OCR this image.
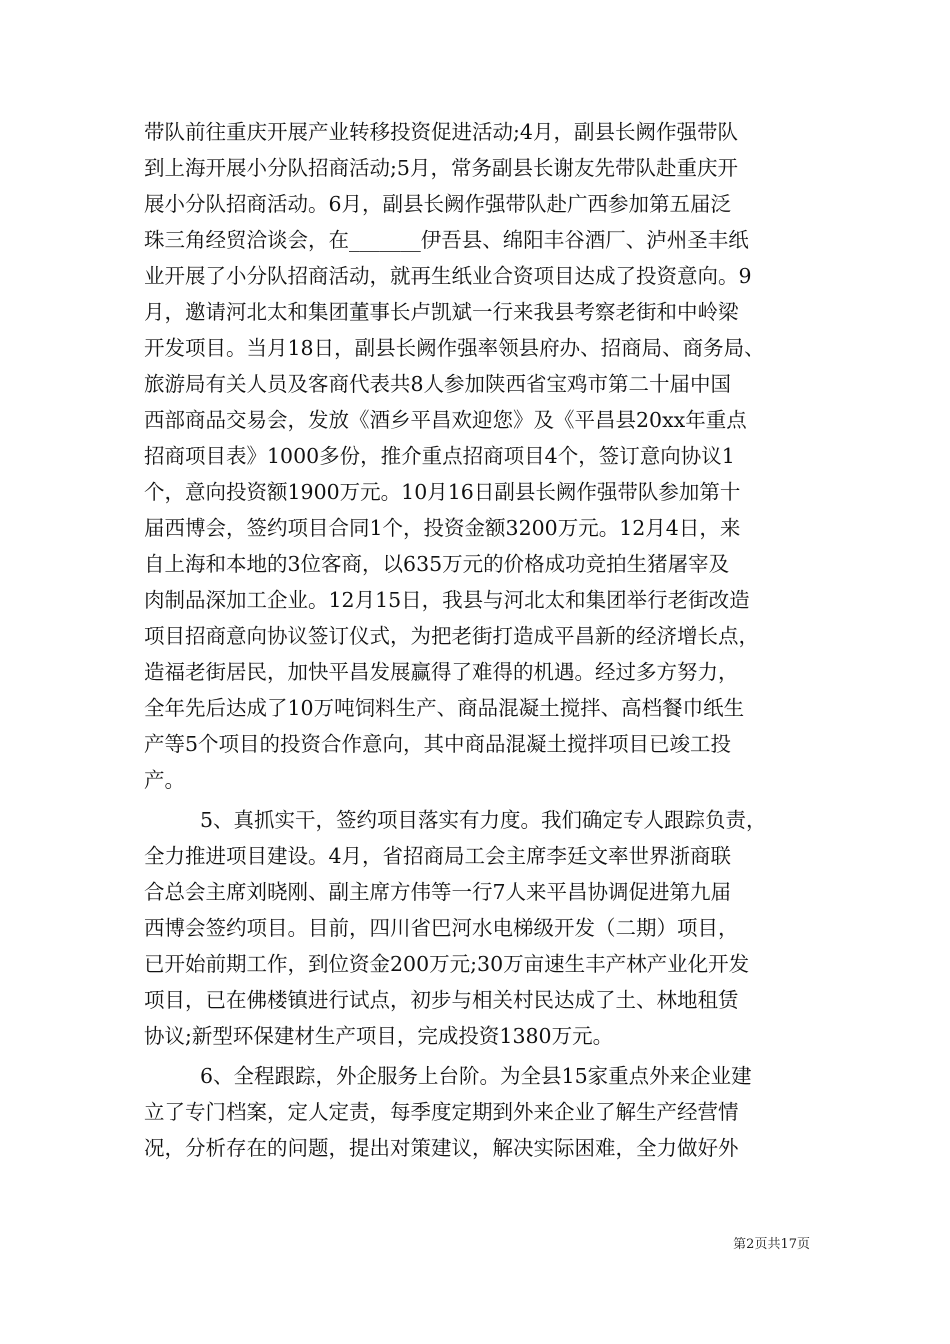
带队前往重庆开展产业转移投资促进活动;4月，副县长阙作强带队
到上海开展小分队招商活动;5月，常务副县长谢友先带队赴重庆开
展小分队招商活动。6月，副县长阙作强带队赴广西参加第五届泛
珠三角经贸洽谈会，在_______伊吾县、绵阳丰谷酒厂、泸州圣丰纸
业开展了小分队招商活动，就再生纸业合资项目达成了投资意向。9
月，邀请河北太和集团董事长卢凯斌一行来我县考察老街和中岭梁
开发项目。当月18日，副县长阙作强率领县府办、招商局、商务局、
旅游局有关人员及客商代表共8人参加陕西省宝鸡市第二十届中国
西部商品交易会，发放《酒乡平昌欢迎您》及《平昌县20xx年重点
招商项目表》1000多份，推介重点招商项目4个，签订意向协议1
个，意向投资额1900万元。10月16日副县长阙作强带队参加第十
届西博会，签约项目合同1个，投资金额3200万元。12月4日，来
自上海和本地的3位客商，以635万元的价格成功竞拍生猪屠宰及
肉制品深加工企业。12月15日，我县与河北太和集团举行老街改造
项目招商意向协议签订仪式，为把老街打造成平昌新的经济增长点，
造福老街居民，加快平昌发展赢得了难得的机遇。经过多方努力，
全年先后达成了10万吨饲料生产、商品混凝土搅拌、高档餐巾纸生
产等5个项目的投资合作意向，其中商品混凝土搅拌项目已竣工投
产。
5、真抓实干，签约项目落实有力度。我们确定专人跟踪负责，
全力推进项目建设。4月，省招商局工会主席李廷文率世界浙商联
合总会主席刘晓刚、副主席方伟等一行7人来平昌协调促进第九届
西博会签约项目。目前，四川省巴河水电梯级开发（二期）项目，
已开始前期工作，到位资金200万元;30万亩速生丰产林产业化开发
项目，已在佛楼镇进行试点，初步与相关村民达成了土、林地租赁
协议;新型环保建材生产项目，完成投资1380万元。
6、全程跟踪，外企服务上台阶。为全县15家重点外来企业建
立了专门档案，定人定责，每季度定期到外来企业了解生产经营情
况，分析存在的问题，提出对策建议，解决实际困难，全力做好外
第2页共17页
